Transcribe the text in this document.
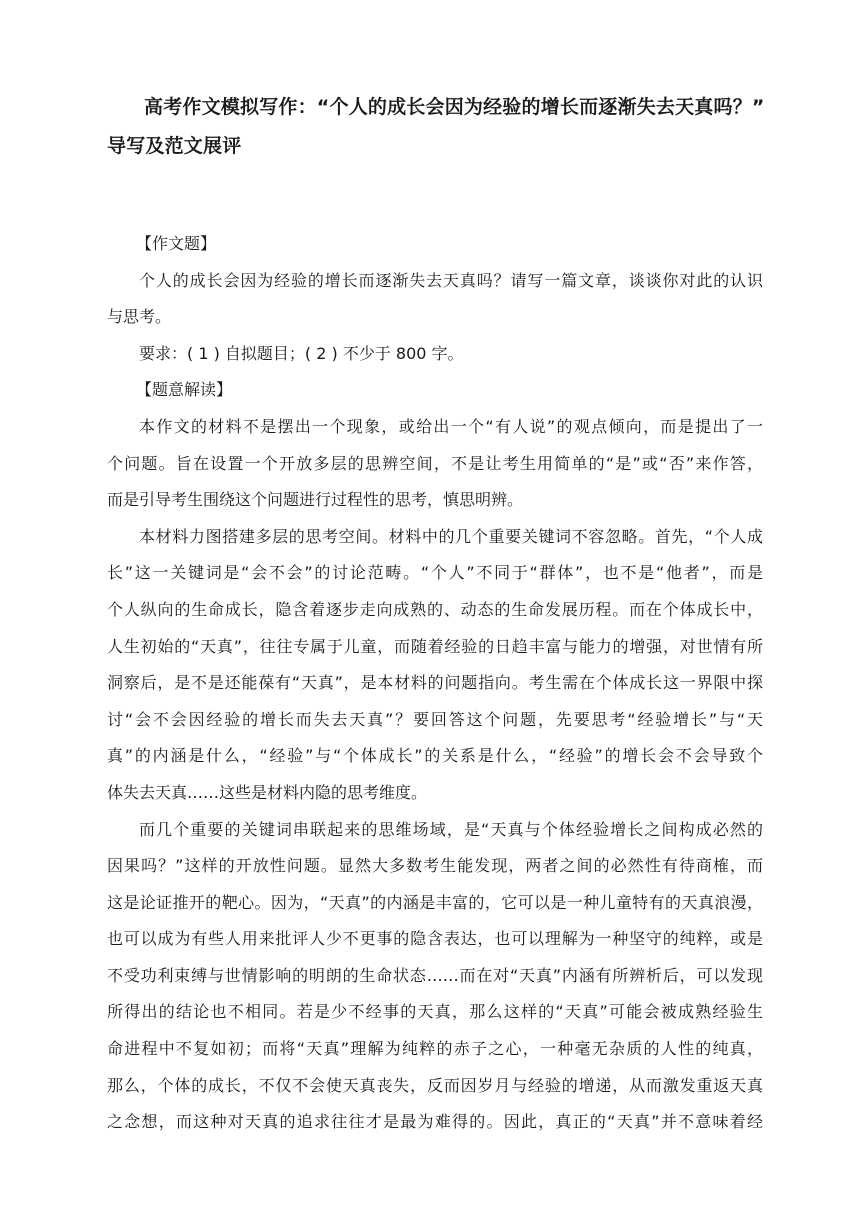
高考作文模拟写作：“个人的成长会因为经验的增长而逐渐失去天真吗？”
导写及范文展评
【作文题】
个人的成长会因为经验的增长而逐渐失去天真吗？请写一篇文章，谈谈你对此的认识
与思考。
要求：( 1 ) 自拟题目；( 2 ) 不少于 800 字。
【题意解读】
本作文的材料不是摆出一个现象，或给出一个“有人说”的观点倾向，而是提出了一
个问题。旨在设置一个开放多层的思辨空间，不是让考生用简单的“是”或“否”来作答，
而是引导考生围绕这个问题进行过程性的思考，慎思明辨。
本材料力图搭建多层的思考空间。材料中的几个重要关键词不容忽略。首先，“个人成
长”这一关键词是“会不会”的讨论范畴。“个人”不同于“群体”，也不是“他者”，而是
个人纵向的生命成长，隐含着逐步走向成熟的、动态的生命发展历程。而在个体成长中，
人生初始的“天真”，往往专属于儿童，而随着经验的日趋丰富与能力的增强，对世情有所
洞察后，是不是还能葆有“天真”，是本材料的问题指向。考生需在个体成长这一界限中探
讨“会不会因经验的增长而失去天真”？要回答这个问题，先要思考“经验增长”与“天
真”的内涵是什么，“经验”与“个体成长”的关系是什么，“经验”的增长会不会导致个
体失去天真……这些是材料内隐的思考维度。
而几个重要的关键词串联起来的思维场域，是“天真与个体经验增长之间构成必然的
因果吗？”这样的开放性问题。显然大多数考生能发现，两者之间的必然性有待商榷，而
这是论证推开的靶心。因为，“天真”的内涵是丰富的，它可以是一种儿童特有的天真浪漫，
也可以成为有些人用来批评人少不更事的隐含表达，也可以理解为一种坚守的纯粹，或是
不受功利束缚与世情影响的明朗的生命状态……而在对“天真”内涵有所辨析后，可以发现
所得出的结论也不相同。若是少不经事的天真，那么这样的“天真”可能会被成熟经验生
命进程中不复如初；而将“天真”理解为纯粹的赤子之心，一种毫无杂质的人性的纯真，
那么，个体的成长，不仅不会使天真丧失，反而因岁月与经验的增递，从而激发重返天真
之念想，而这种对天真的追求往往才是最为难得的。因此，真正的“天真”并不意味着经
